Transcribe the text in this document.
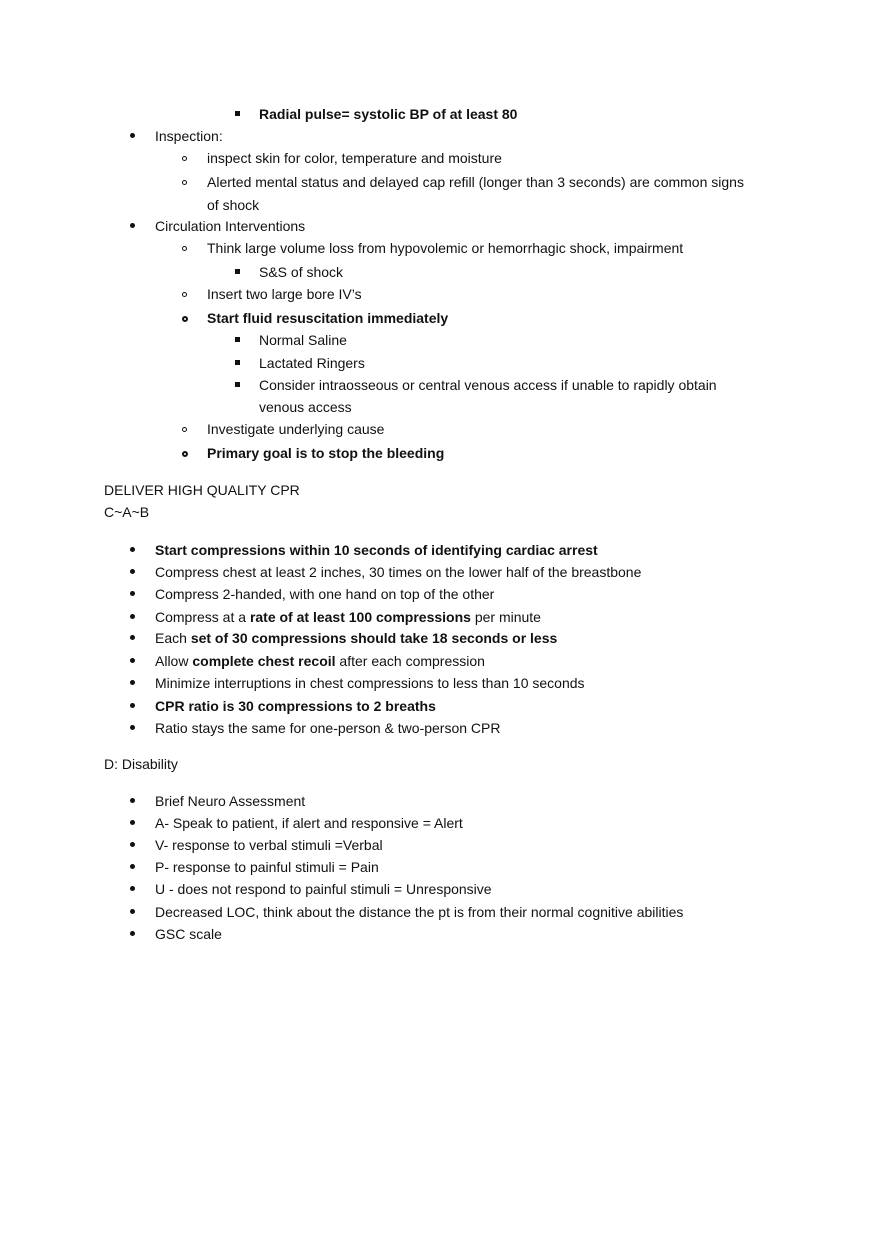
Radial pulse= systolic BP of at least 80
Inspection:
inspect skin for color, temperature and moisture
Alerted mental status and delayed cap refill (longer than 3 seconds) are common signs
of shock
Circulation Interventions
Think large volume loss from hypovolemic or hemorrhagic shock, impairment
S&S of shock
Insert two large bore IV’s
Start fluid resuscitation immediately
Normal Saline
Lactated Ringers
Consider intraosseous or central venous access if unable to rapidly obtain
venous access
Investigate underlying cause
Primary goal is to stop the bleeding
DELIVER HIGH QUALITY CPR
C~A~B
Start compressions within 10 seconds of identifying cardiac arrest
Compress chest at least 2 inches, 30 times on the lower half of the breastbone
Compress 2-handed, with one hand on top of the other
Compress at a rate of at least 100 compressions per minute
Each set of 30 compressions should take 18 seconds or less
Allow complete chest recoil after each compression
Minimize interruptions in chest compressions to less than 10 seconds
CPR ratio is 30 compressions to 2 breaths
Ratio stays the same for one-person & two-person CPR
D: Disability
Brief Neuro Assessment
A- Speak to patient, if alert and responsive = Alert
V- response to verbal stimuli =Verbal
P- response to painful stimuli = Pain
U - does not respond to painful stimuli = Unresponsive
Decreased LOC, think about the distance the pt is from their normal cognitive abilities
GSC scale
